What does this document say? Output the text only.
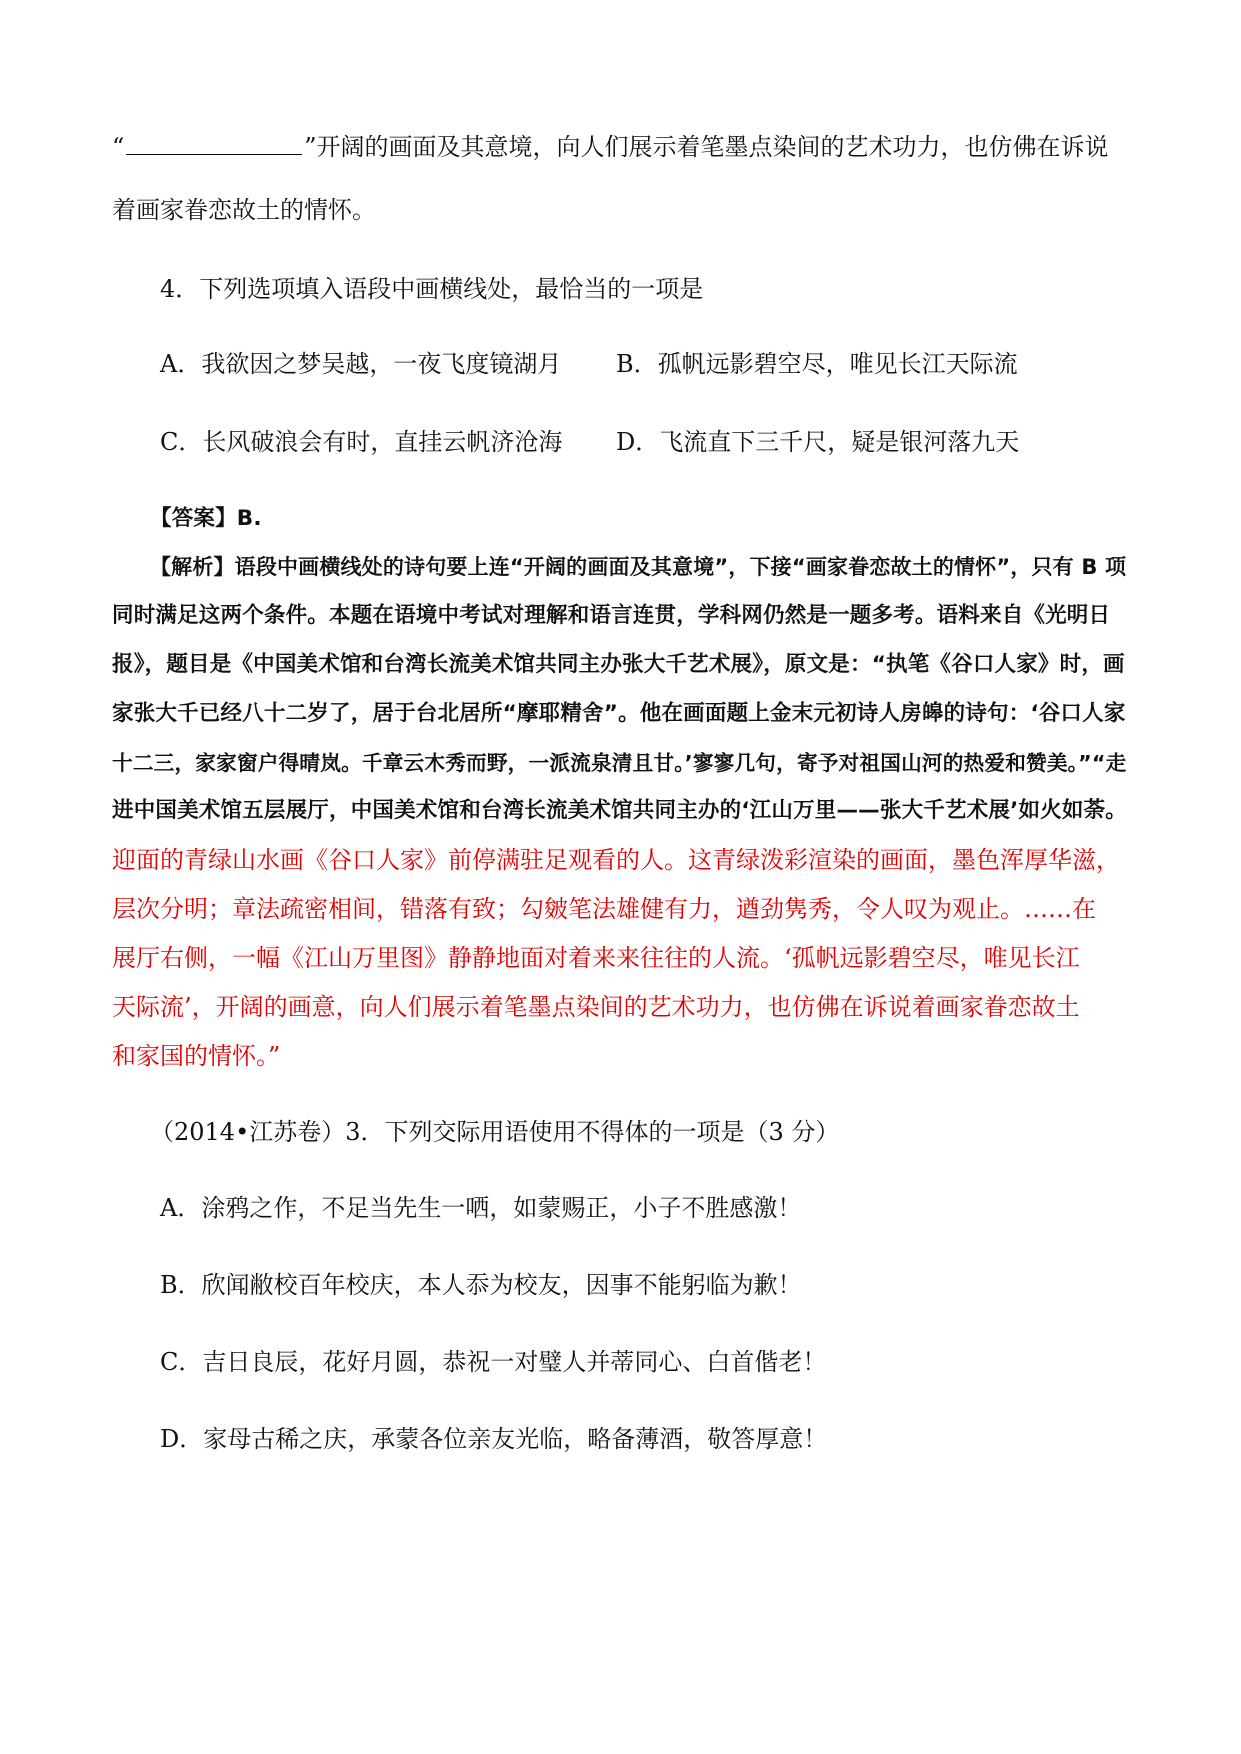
“	”开阔的画面及其意境，向人们展示着笔墨点染间的艺术功力，也仿佛在诉说
着画家眷恋故土的情怀。
4．下列选项填入语段中画横线处，最恰当的一项是
A．我欲因之梦吴越，一夜飞度镜湖月 B．孤帆远影碧空尽，唯见长江天际流
C．长风破浪会有时，直挂云帆济沧海 D．飞流直下三千尺，疑是银河落九天
【答案】B.
【解析】语段中画横线处的诗句要上连“开阔的画面及其意境”，下接“画家眷恋故土的情怀”，只有 B 项
同时满足这两个条件。本题在语境中考试对理解和语言连贯，学科网仍然是一题多考。语料来自《光明日
报》，题目是《中国美术馆和台湾长流美术馆共同主办张大千艺术展》，原文是：“执笔《谷口人家》时，画
家张大千已经八十二岁了，居于台北居所“摩耶精舍”。他在画面题上金末元初诗人房皞的诗句：‘谷口人家
十二三，家家窗户得晴岚。千章云木秀而野，一派流泉清且甘。’寥寥几句，寄予对祖国山河的热爱和赞美。”“走
进中国美术馆五层展厅，中国美术馆和台湾长流美术馆共同主办的‘江山万里——张大千艺术展’如火如荼。
迎面的青绿山水画《谷口人家》前停满驻足观看的人。这青绿泼彩渲染的画面，墨色浑厚华滋，
层次分明；章法疏密相间，错落有致；勾皴笔法雄健有力，遒劲隽秀，令人叹为观止。……在
展厅右侧，一幅《江山万里图》静静地面对着来来往往的人流。‘孤帆远影碧空尽，唯见长江
天际流’，开阔的画意，向人们展示着笔墨点染间的艺术功力，也仿佛在诉说着画家眷恋故土
和家国的情怀。”
（2014•江苏卷）3．下列交际用语使用不得体的一项是（3 分）
A．涂鸦之作，不足当先生一哂，如蒙赐正，小子不胜感激！
B．欣闻敝校百年校庆，本人忝为校友，因事不能躬临为歉！
C．吉日良辰，花好月圆，恭祝一对璧人并蒂同心、白首偕老！
D．家母古稀之庆，承蒙各位亲友光临，略备薄酒，敬答厚意！
